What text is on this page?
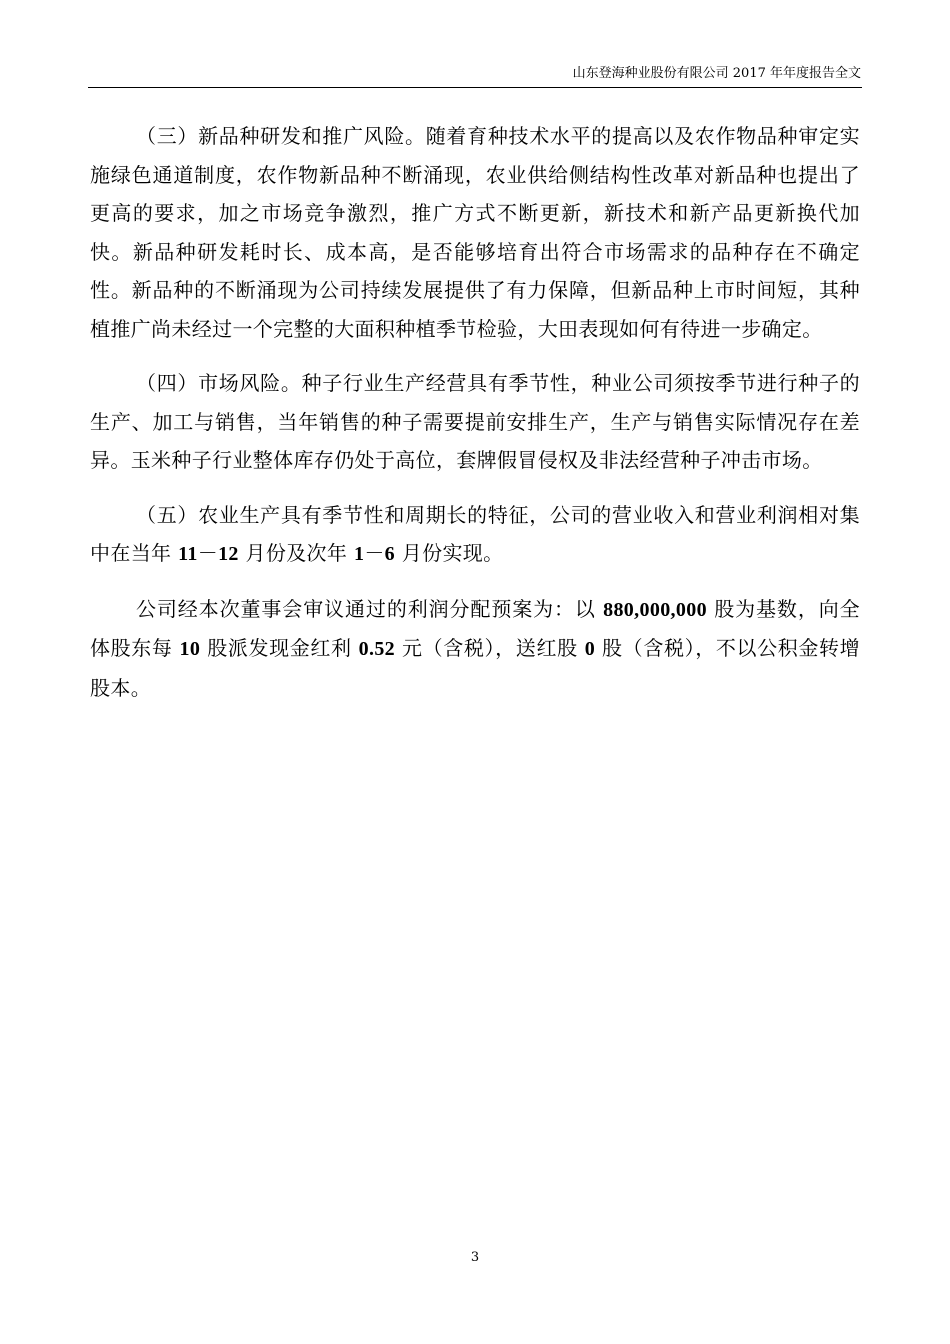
山东登海种业股份有限公司 2017 年年度报告全文

（三）新品种研发和推广风险。随着育种技术水平的提高以及农作物品种审定实施绿色通道制度，农作物新品种不断涌现，农业供给侧结构性改革对新品种也提出了更高的要求，加之市场竞争激烈，推广方式不断更新，新技术和新产品更新换代加快。新品种研发耗时长、成本高，是否能够培育出符合市场需求的品种存在不确定性。新品种的不断涌现为公司持续发展提供了有力保障，但新品种上市时间短，其种植推广尚未经过一个完整的大面积种植季节检验，大田表现如何有待进一步确定。

（四）市场风险。种子行业生产经营具有季节性，种业公司须按季节进行种子的生产、加工与销售，当年销售的种子需要提前安排生产，生产与销售实际情况存在差异。玉米种子行业整体库存仍处于高位，套牌假冒侵权及非法经营种子冲击市场。

（五）农业生产具有季节性和周期长的特征，公司的营业收入和营业利润相对集中在当年 11－12 月份及次年 1－6 月份实现。

公司经本次董事会审议通过的利润分配预案为：以 880,000,000 股为基数，向全体股东每 10 股派发现金红利 0.52 元（含税），送红股 0 股（含税），不以公积金转增股本。

3
